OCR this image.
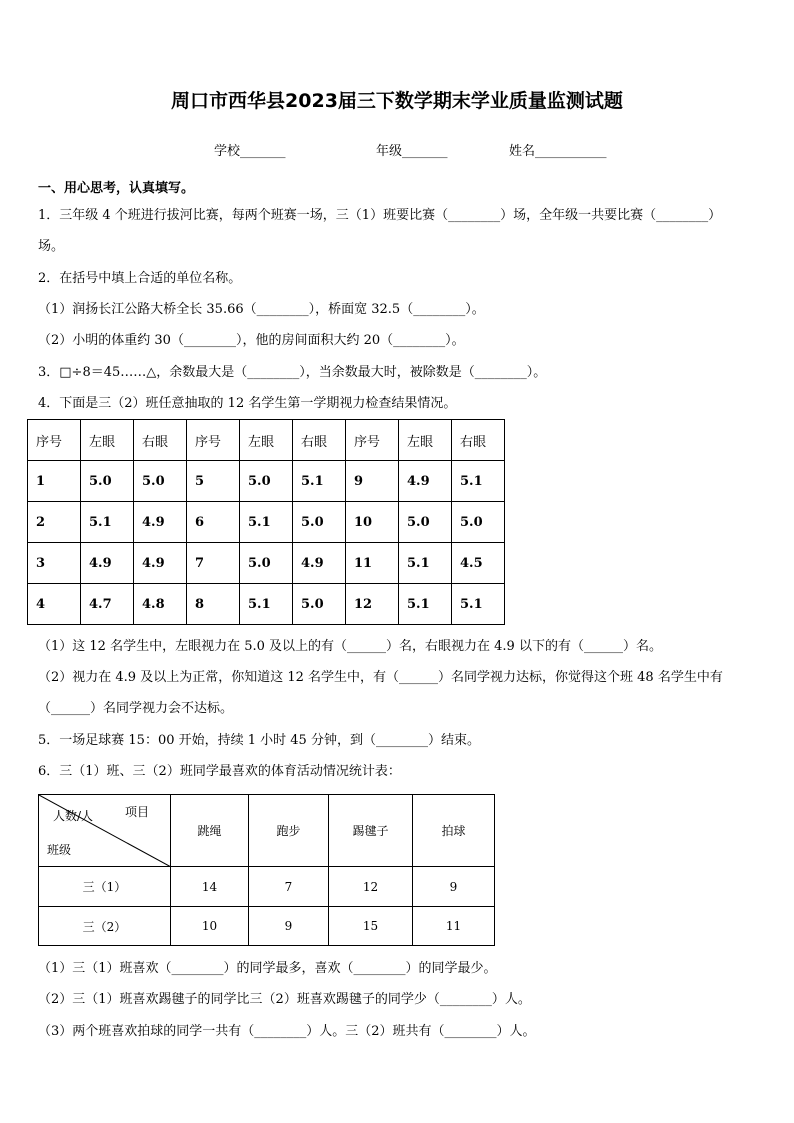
周口市西华县2023届三下数学期末学业质量监测试题
学校_______	年级_______	姓名___________
一、用心思考，认真填写。
1．三年级 4 个班进行拔河比赛，每两个班赛一场，三（1）班要比赛（________）场，全年级一共要比赛（________）
场。
2．在括号中填上合适的单位名称。
（1）润扬长江公路大桥全长 35.66（________），桥面宽 32.5（________）。
（2）小明的体重约 30（________），他的房间面积大约 20（________）。
3．□÷8＝45……△，余数最大是（________），当余数最大时，被除数是（________）。
4．下面是三（2）班任意抽取的 12 名学生第一学期视力检查结果情况。
序号	左眼	右眼	序号	左眼	右眼	序号	左眼	右眼
1	5.0	5.0	5	5.0	5.1	9	4.9	5.1
2	5.1	4.9	6	5.1	5.0	10	5.0	5.0
3	4.9	4.9	7	5.0	4.9	11	5.1	4.5
4	4.7	4.8	8	5.1	5.0	12	5.1	5.1
（1）这 12 名学生中，左眼视力在 5.0 及以上的有（______）名，右眼视力在 4.9 以下的有（______）名。
（2）视力在 4.9 及以上为正常，你知道这 12 名学生中，有（______）名同学视力达标，你觉得这个班 48 名学生中有
（______）名同学视力会不达标。
5．一场足球赛 15：00 开始，持续 1 小时 45 分钟，到（________）结束。
6．三（1）班、三（2）班同学最喜欢的体育活动情况统计表：
人数/人 项目
班级	跳绳	跑步	踢毽子	拍球
三（1）	14	7	12	9
三（2）	10	9	15	11
（1）三（1）班喜欢（________）的同学最多，喜欢（________）的同学最少。
（2）三（1）班喜欢踢毽子的同学比三（2）班喜欢踢毽子的同学少（________）人。
（3）两个班喜欢拍球的同学一共有（________）人。三（2）班共有（________）人。
